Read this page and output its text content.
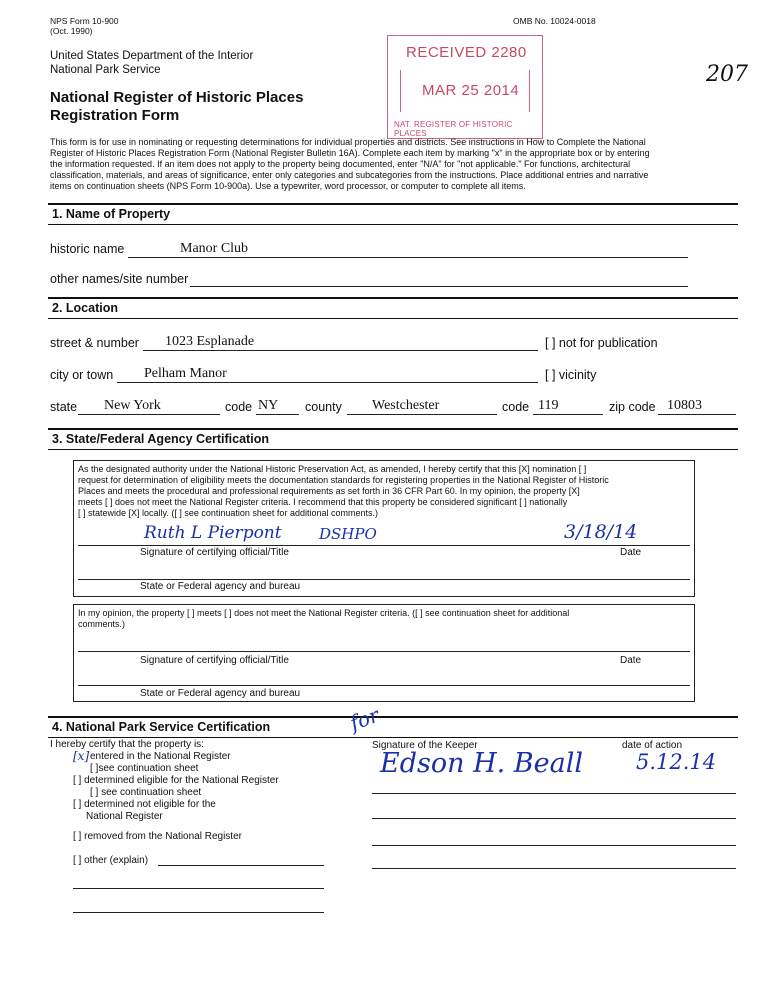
NPS Form 10-900
(Oct. 1990)
OMB No. 10024-0018
United States Department of the Interior
National Park Service
National Register of Historic Places
Registration Form
207
RECEIVED 2280
MAR 25 2014
NAT. REGISTER OF HISTORIC PLACES
This form is for use in nominating or requesting determinations for individual properties and districts. See instructions in How to Complete the National
Register of Historic Places Registration Form (National Register Bulletin 16A). Complete each item by marking "x" in the appropriate box or by entering
the information requested. If an item does not apply to the property being documented, enter "N/A" for "not applicable." For functions, architectural
classification, materials, and areas of significance, enter only categories and subcategories from the instructions. Place additional entries and narrative
items on continuation sheets (NPS Form 10-900a). Use a typewriter, word processor, or computer to complete all items.
1. Name of Property
historic name	Manor Club
other names/site number
2. Location
street & number 1023 Esplanade	[ ] not for publication
city or town Pelham Manor	[ ] vicinity
state New York	code NY county Westchester	code 119	zip code 10803
3. State/Federal Agency Certification
As the designated authority under the National Historic Preservation Act, as amended, I hereby certify that this [X] nomination [ ]
request for determination of eligibility meets the documentation standards for registering properties in the National Register of Historic
Places and meets the procedural and professional requirements as set forth in 36 CFR Part 60. In my opinion, the property [X]
meets [ ] does not meet the National Register criteria. I recommend that this property be considered significant [ ] nationally
[ ] statewide [X] locally. ([ ] see continuation sheet for additional comments.)
Ruth L Pierpont DSHPO	3/18/14
Signature of certifying official/Title	Date
State or Federal agency and bureau
In my opinion, the property [ ] meets [ ] does not meet the National Register criteria. ([ ] see continuation sheet for additional
comments.)
Signature of certifying official/Title	Date
State or Federal agency and bureau
4. National Park Service Certification
I hereby certify that the property is:
[x] entered in the National Register
[ ]see continuation sheet
[ ] determined eligible for the National Register
[ ] see continuation sheet
[ ] determined not eligible for the
National Register
[ ] removed from the National Register
[ ] other (explain)
Signature of the Keeper	date of action
for
Edson H. Beall	5.12.14
